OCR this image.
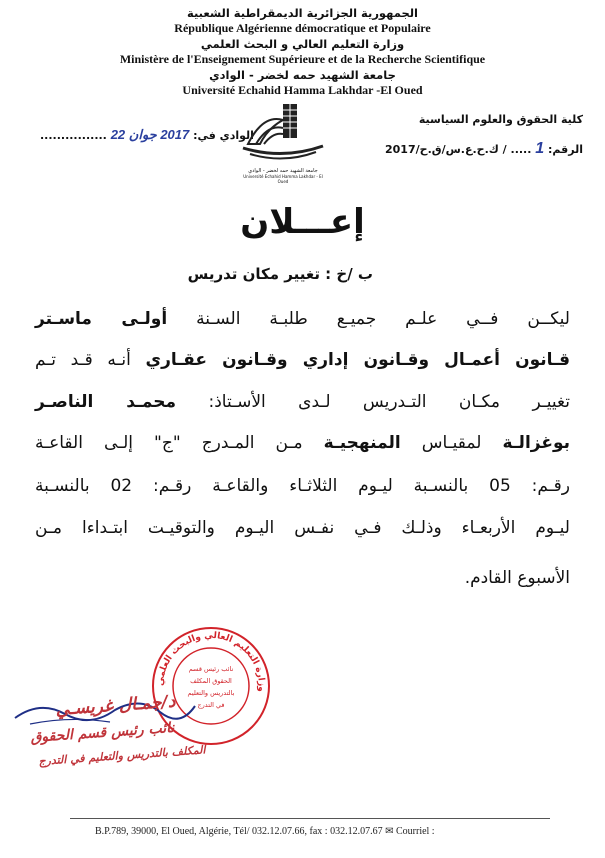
الجمهورية الجزائرية الديمقراطية الشعبية
République Algérienne démocratique et Populaire
وزارة التعليم العالي و البحث العلمي
Ministère de l'Enseignement Supérieure et de la Recherche Scientifique
جامعة الشهيد حمه لخضر - الوادي
Université Echahid Hamma Lakhdar -El Oued
كلية الحقوق والعلوم السياسية
الرقم: 1 ..... / ك.ح.ع.س/ق.ح/2017
الوادي في: 2017 جوان 22 ................
جامعة الشهيد حمه لخضر - الوادي
Université Echahid Hamma Lakhdar - El Oued
إعـــلان
ب /خ : تغيير مكان تدريس
ليكــن فــي علـم جميـع طلبـة السـنة أولـى ماسـتر
قـانون أعمـال وقـانون إداري وقـانون عقـاري أنـه قـد تـم
تغييـر مكـان التـدريس لـدى الأسـتاذ: محمـد الناصـر
بوغزالـة لمقيـاس المنهجيـة مـن المـدرج "ج" إلـى القاعـة
رقـم: 05 بالنسـبة ليـوم الثلاثـاء والقاعـة رقـم: 02 بالنسـبة
ليـوم الأربعـاء وذلـك فـي نفـس اليـوم والتوقيـت ابتـداءا مـن
الأسبوع القادم.
وزارة التعليم العالي والبحث العلمي
نائب رئيس قسم
الحقوق المكلف
بالتدريس والتعليم
في التدرج
د/جمـال غريسـي
نائب رئيس قسم الحقوق
المكلف بالتدريس والتعليم في التدرج
B.P.789, 39000, El Oued, Algérie, Tél/ 032.12.07.66, fax : 032.12.07.67 ✉ Courriel :
